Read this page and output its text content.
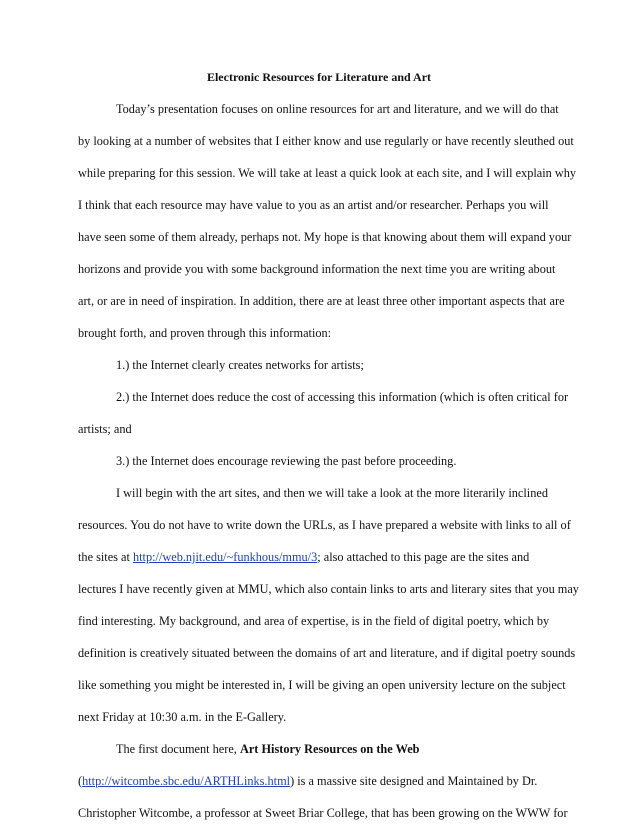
Electronic Resources for Literature and Art
Today’s presentation focuses on online resources for art and literature, and we will do that
by looking at a number of websites that I either know and use regularly or have recently sleuthed out
while preparing for this session. We will take at least a quick look at each site, and I will explain why
I think that each resource may have value to you as an artist and/or researcher. Perhaps you will
have seen some of them already, perhaps not. My hope is that knowing about them will expand your
horizons and provide you with some background information the next time you are writing about
art, or are in need of inspiration. In addition, there are at least three other important aspects that are
brought forth, and proven through this information:
1.) the Internet clearly creates networks for artists;
2.) the Internet does reduce the cost of accessing this information (which is often critical for
artists; and
3.) the Internet does encourage reviewing the past before proceeding.
I will begin with the art sites, and then we will take a look at the more literarily inclined
resources. You do not have to write down the URLs, as I have prepared a website with links to all of
the sites at http://web.njit.edu/~funkhous/mmu/3; also attached to this page are the sites and
lectures I have recently given at MMU, which also contain links to arts and literary sites that you may
find interesting. My background, and area of expertise, is in the field of digital poetry, which by
definition is creatively situated between the domains of art and literature, and if digital poetry sounds
like something you might be interested in, I will be giving an open university lecture on the subject
next Friday at 10:30 a.m. in the E-Gallery.
The first document here, Art History Resources on the Web
(http://witcombe.sbc.edu/ARTHLinks.html) is a massive site designed and Maintained by Dr.
Christopher Witcombe, a professor at Sweet Briar College, that has been growing on the WWW for
